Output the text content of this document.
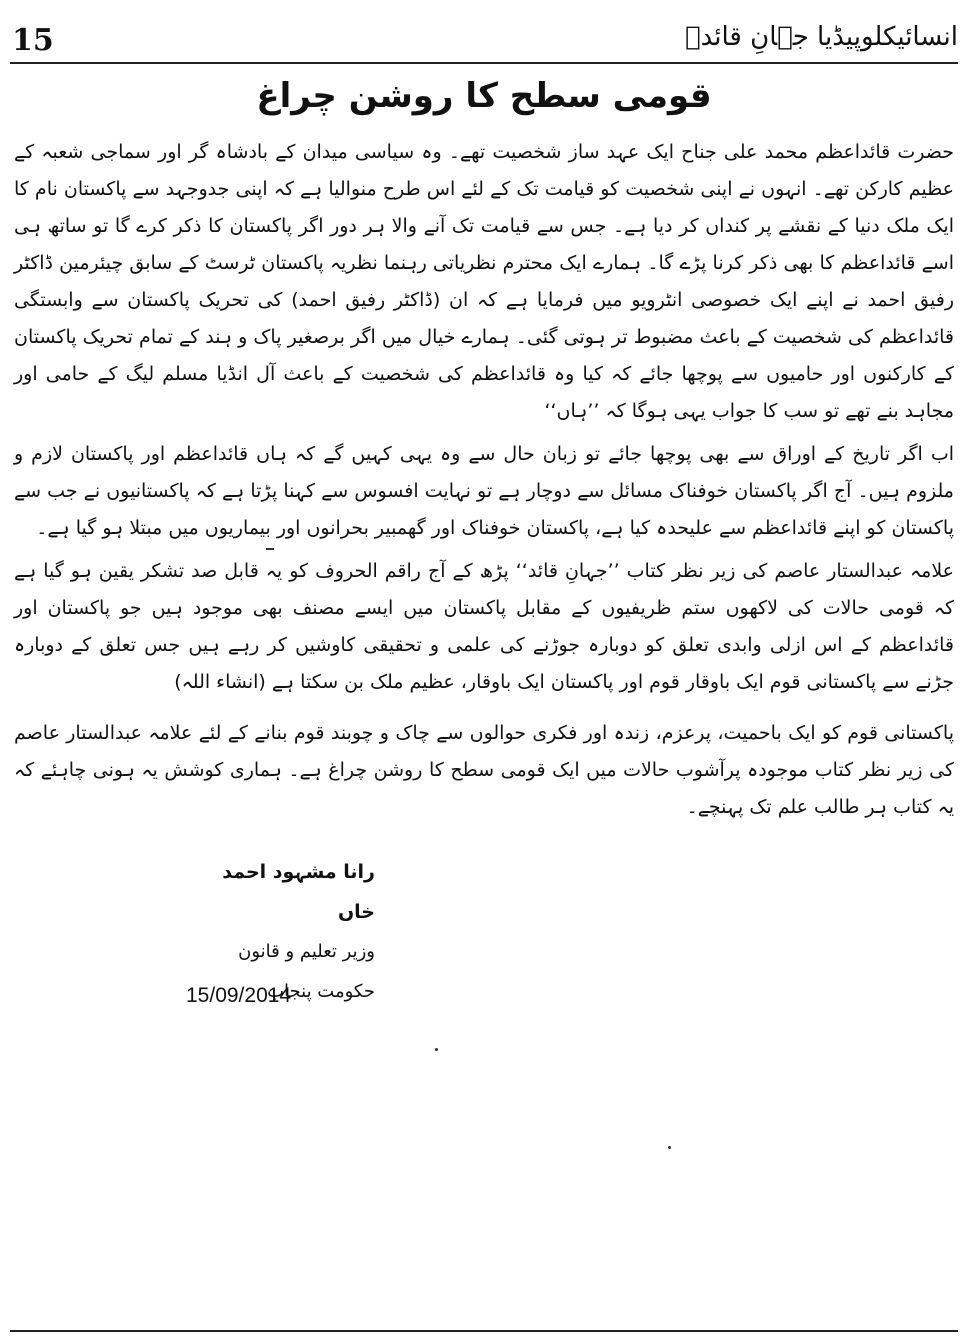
15	انسائیکلوپیڈیا جہانِ قائدؒ
قومی سطح کا روشن چراغ

حضرت قائداعظم محمد علی جناح ایک عہد ساز شخصیت تھے۔ وہ سیاسی میدان کے بادشاہ گر اور سماجی شعبہ کے عظیم کارکن تھے۔ انہوں نے اپنی شخصیت کو قیامت تک کے لئے اس طرح منوالیا ہے کہ اپنی جدوجہد سے پاکستان نام کا ایک ملک دنیا کے نقشے پر کنداں کر دیا ہے۔ جس سے قیامت تک آنے والا ہر دور اگر پاکستان کا ذکر کرے گا تو ساتھ ہی اسے قائداعظم کا بھی ذکر کرنا پڑے گا۔ ہمارے ایک محترم نظریاتی رہنما نظریہ پاکستان ٹرسٹ کے سابق چیئرمین ڈاکٹر رفیق احمد نے اپنے ایک خصوصی انٹرویو میں فرمایا ہے کہ ان (ڈاکٹر رفیق احمد) کی تحریک پاکستان سے وابستگی قائداعظم کی شخصیت کے باعث مضبوط تر ہوتی گئی۔ ہمارے خیال میں اگر برصغیر پاک و ہند کے تمام تحریک پاکستان کے کارکنوں اور حامیوں سے پوچھا جائے کہ کیا وہ قائداعظم کی شخصیت کے باعث آل انڈیا مسلم لیگ کے حامی اور مجاہد بنے تھے تو سب کا جواب یہی ہوگا کہ ’’ہاں‘‘

اب اگر تاریخ کے اوراق سے بھی پوچھا جائے تو زبان حال سے وہ یہی کہیں گے کہ ہاں قائداعظم اور پاکستان لازم و ملزوم ہیں۔ آج اگر پاکستان خوفناک مسائل سے دوچار ہے تو نہایت افسوس سے کہنا پڑتا ہے کہ پاکستانیوں نے جب سے پاکستان کو اپنے قائداعظم سے علیحدہ کیا ہے، پاکستان خوفناک اور گھمبیر بحرانوں اور بیماریوں میں مبتلا ہو گیا ہے۔

علامہ عبدالستار عاصم کی زیر نظر کتاب ’’جہانِ قائد‘‘ پڑھ کے آج راقم الحروف کو یہ قابل صد تشکر یقین ہو گیا ہے کہ قومی حالات کی لاکھوں ستم ظریفیوں کے مقابل پاکستان میں ایسے مصنف بھی موجود ہیں جو پاکستان اور قائداعظم کے اس ازلی وابدی تعلق کو دوبارہ جوڑنے کی علمی و تحقیقی کاوشیں کر رہے ہیں جس تعلق کے دوبارہ جڑنے سے پاکستانی قوم ایک باوقار قوم اور پاکستان ایک باوقار، عظیم ملک بن سکتا ہے (انشاء اللہ)

پاکستانی قوم کو ایک باحمیت، پرعزم، زندہ اور فکری حوالوں سے چاک و چوبند قوم بنانے کے لئے علامہ عبدالستار عاصم کی زیر نظر کتاب موجودہ پرآشوب حالات میں ایک قومی سطح کا روشن چراغ ہے۔ ہماری کوشش یہ ہونی چاہئے کہ یہ کتاب ہر طالب علم تک پہنچے۔

رانا مشہود احمد خاں
وزیر تعلیم و قانون
حکومت پنجاب
15/09/2014
